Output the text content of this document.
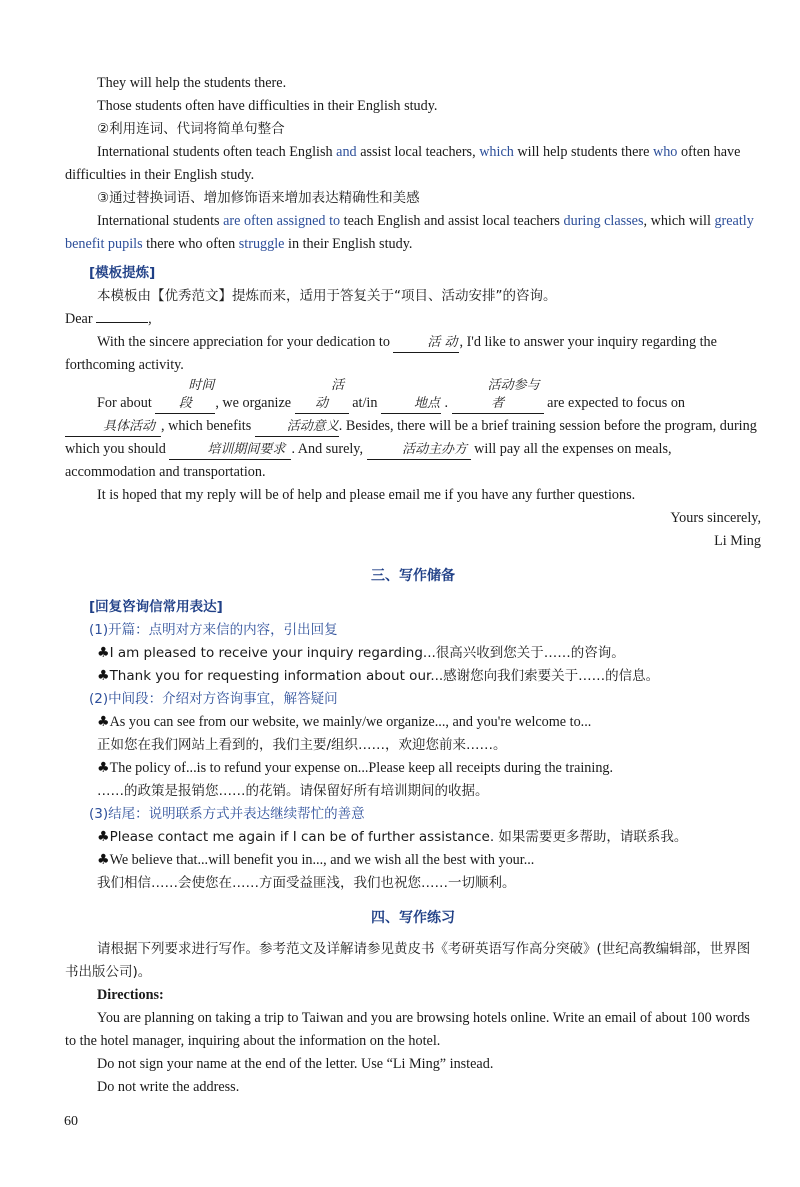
They will help the students there.

Those students often have difficulties in their English study.

②利用连词、代词将简单句整合

International students often teach English and assist local teachers, which will help students there who often have difficulties in their English study.

③通过替换词语、增加修饰语来增加表达精确性和美感

International students are often assigned to teach English and assist local teachers during classes, which will greatly benefit pupils there who often struggle in their English study.

[模板提炼]

本模板由【优秀范文】提炼而来，适用于答复关于“项目、活动安排”的咨询。

Dear	,

With the sincere appreciation for your dedication to	活 动 , I'd like to answer your inquiry regarding the forthcoming activity.

For about 时间段 , we organize 活 动 at/in	地点 . 活动参与者	are expected to focus on 具体活动 , which benefits	活动意义. Besides, there will be a brief training session before the program, during which you should	培训期间要求 . And surely,	活动主办方 will pay all the expenses on meals, accommodation and transportation.

It is hoped that my reply will be of help and please email me if you have any further questions.

Yours sincerely,

Li Ming

三、写作储备

[回复咨询信常用表达]

(1)开篇：点明对方来信的内容，引出回复

♣I am pleased to receive your inquiry regarding...很高兴收到您关于……的咨询。

♣Thank you for requesting information about our...感谢您向我们索要关于……的信息。

(2)中间段：介绍对方咨询事宜，解答疑问

♣As you can see from our website, we mainly/we organize..., and you're welcome to...

正如您在我们网站上看到的，我们主要/组织……，欢迎您前来……。

♣The policy of...is to refund your expense on...Please keep all receipts during the training.

……的政策是报销您……的花销。请保留好所有培训期间的收据。

(3)结尾：说明联系方式并表达继续帮忙的善意

♣Please contact me again if I can be of further assistance. 如果需要更多帮助，请联系我。

♣We believe that...will benefit you in..., and we wish all the best with your...

我们相信……会使您在……方面受益匪浅，我们也祝您……一切顺利。

四、写作练习

请根据下列要求进行写作。参考范文及详解请参见黄皮书《考研英语写作高分突破》(世纪高教编辑部，世界图书出版公司)。

Directions:

You are planning on taking a trip to Taiwan and you are browsing hotels online. Write an email of about 100 words to the hotel manager, inquiring about the information on the hotel.

Do not sign your name at the end of the letter. Use “Li Ming” instead.

Do not write the address.

60
